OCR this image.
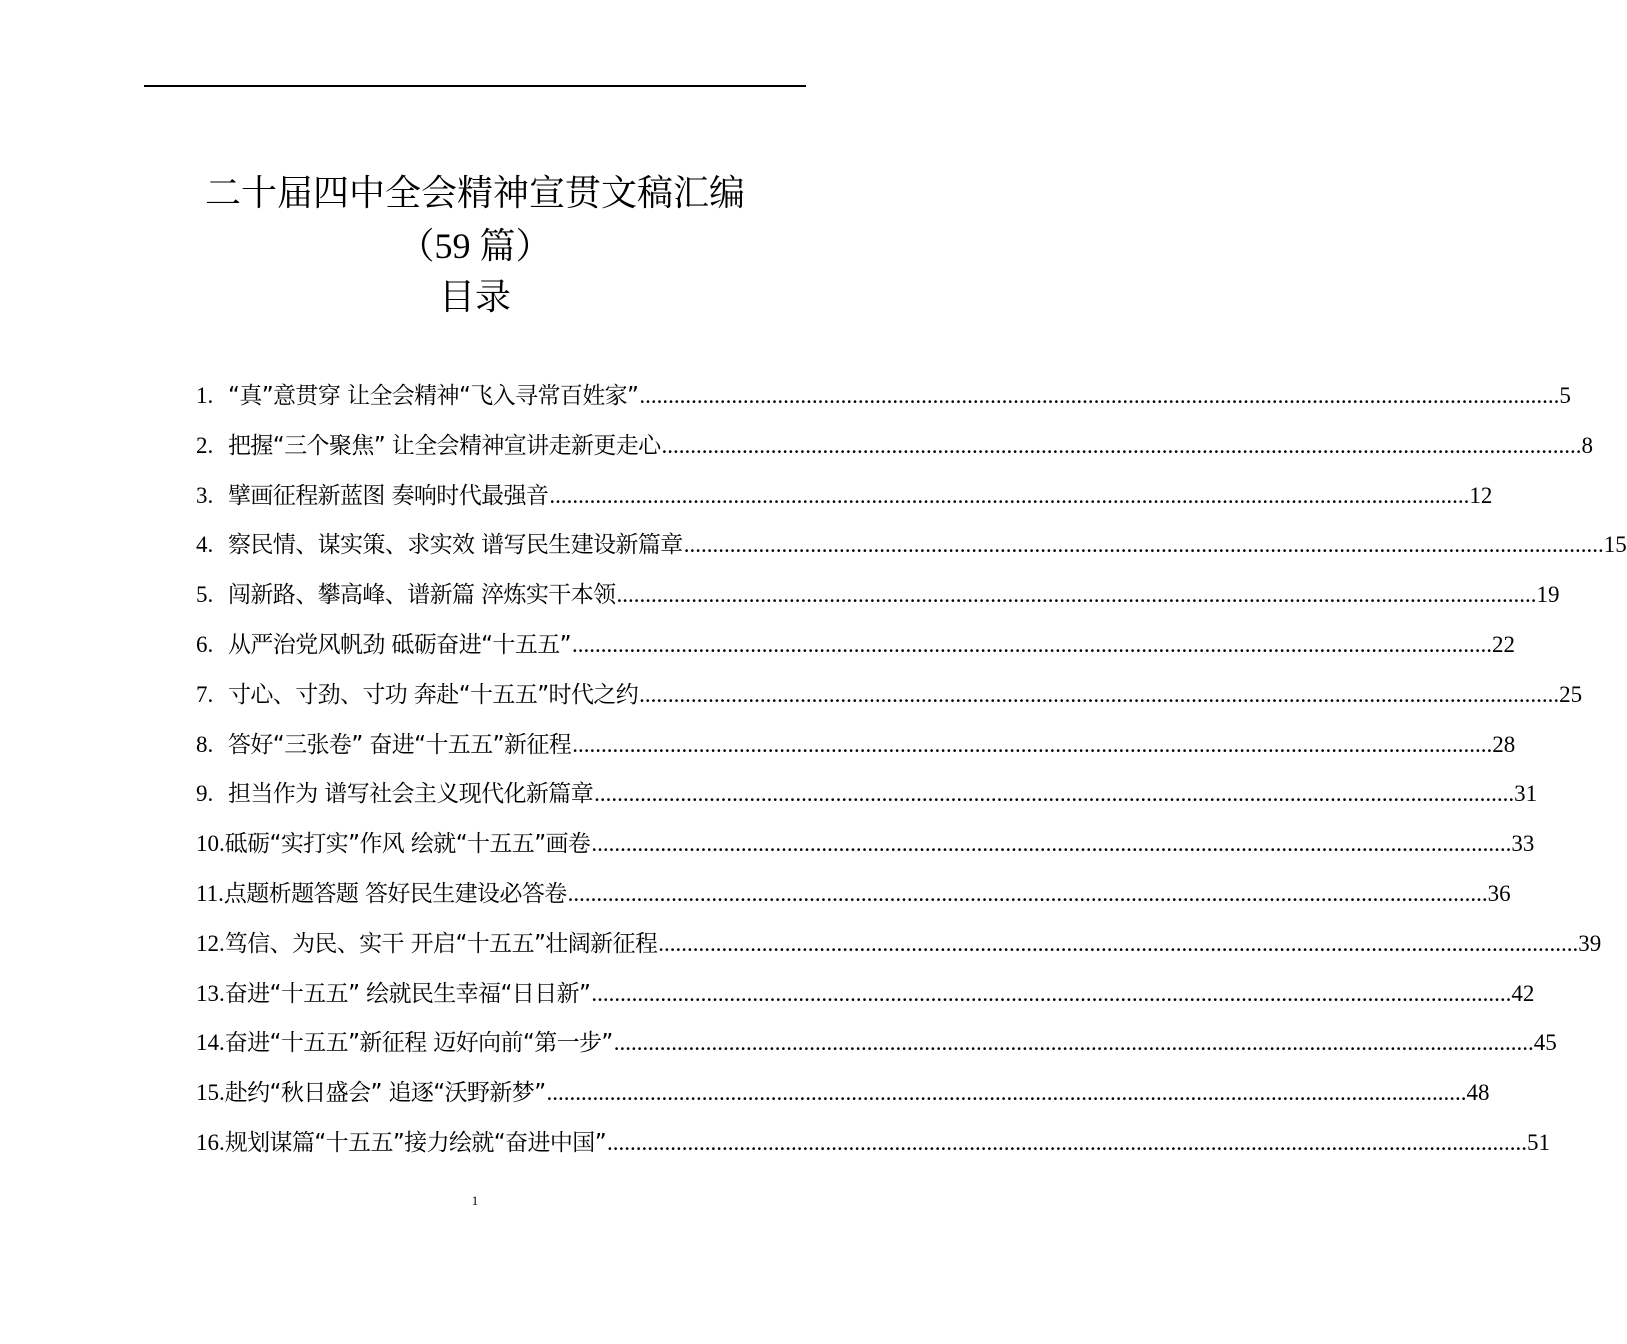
二十届四中全会精神宣贯文稿汇编
（59 篇）
目录
1. “真”意贯穿 让全会精神“飞入寻常百姓家” .....	5
2. 把握“三个聚焦” 让全会精神宣讲走新更走心 .....	8
3. 擘画征程新蓝图 奏响时代最强音 .....	12
4. 察民情、谋实策、求实效 谱写民生建设新篇章 .....	15
5. 闯新路、攀高峰、谱新篇 淬炼实干本领 .....	19
6. 从严治党风帆劲 砥砺奋进“十五五” .....	22
7. 寸心、寸劲、寸功 奔赴“十五五”时代之约 .....	25
8. 答好“三张卷” 奋进“十五五”新征程 .....	28
9. 担当作为 谱写社会主义现代化新篇章 .....	31
10. 砥砺“实打实”作风 绘就“十五五”画卷 .....	33
11. 点题析题答题 答好民生建设必答卷 .....	36
12. 笃信、为民、实干 开启“十五五”壮阔新征程 .....	39
13. 奋进“十五五” 绘就民生幸福“日日新” .....	42
14. 奋进“十五五”新征程 迈好向前“第一步” .....	45
15. 赴约“秋日盛会” 追逐“沃野新梦” .....	48
16. 规划谋篇“十五五”接力绘就“奋进中国” .....	51
1
